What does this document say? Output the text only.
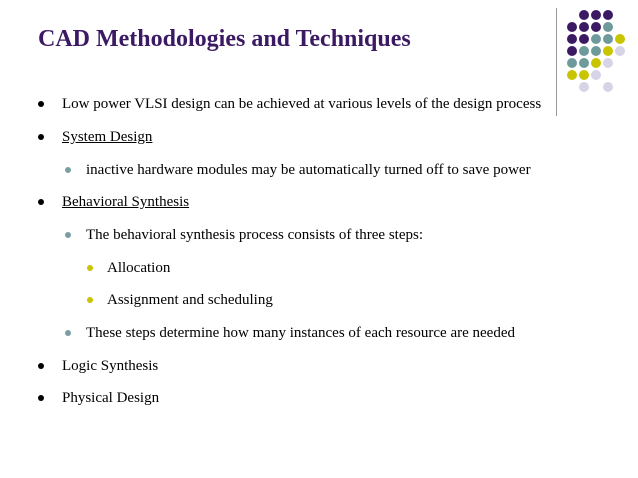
CAD Methodologies and Techniques
Low power VLSI design can be achieved at various levels of the design process
System Design
inactive hardware modules may be automatically turned off to save power
Behavioral Synthesis
The behavioral synthesis process consists of three steps:
Allocation
Assignment and scheduling
These steps determine how many instances of each resource are needed
Logic Synthesis
Physical Design
